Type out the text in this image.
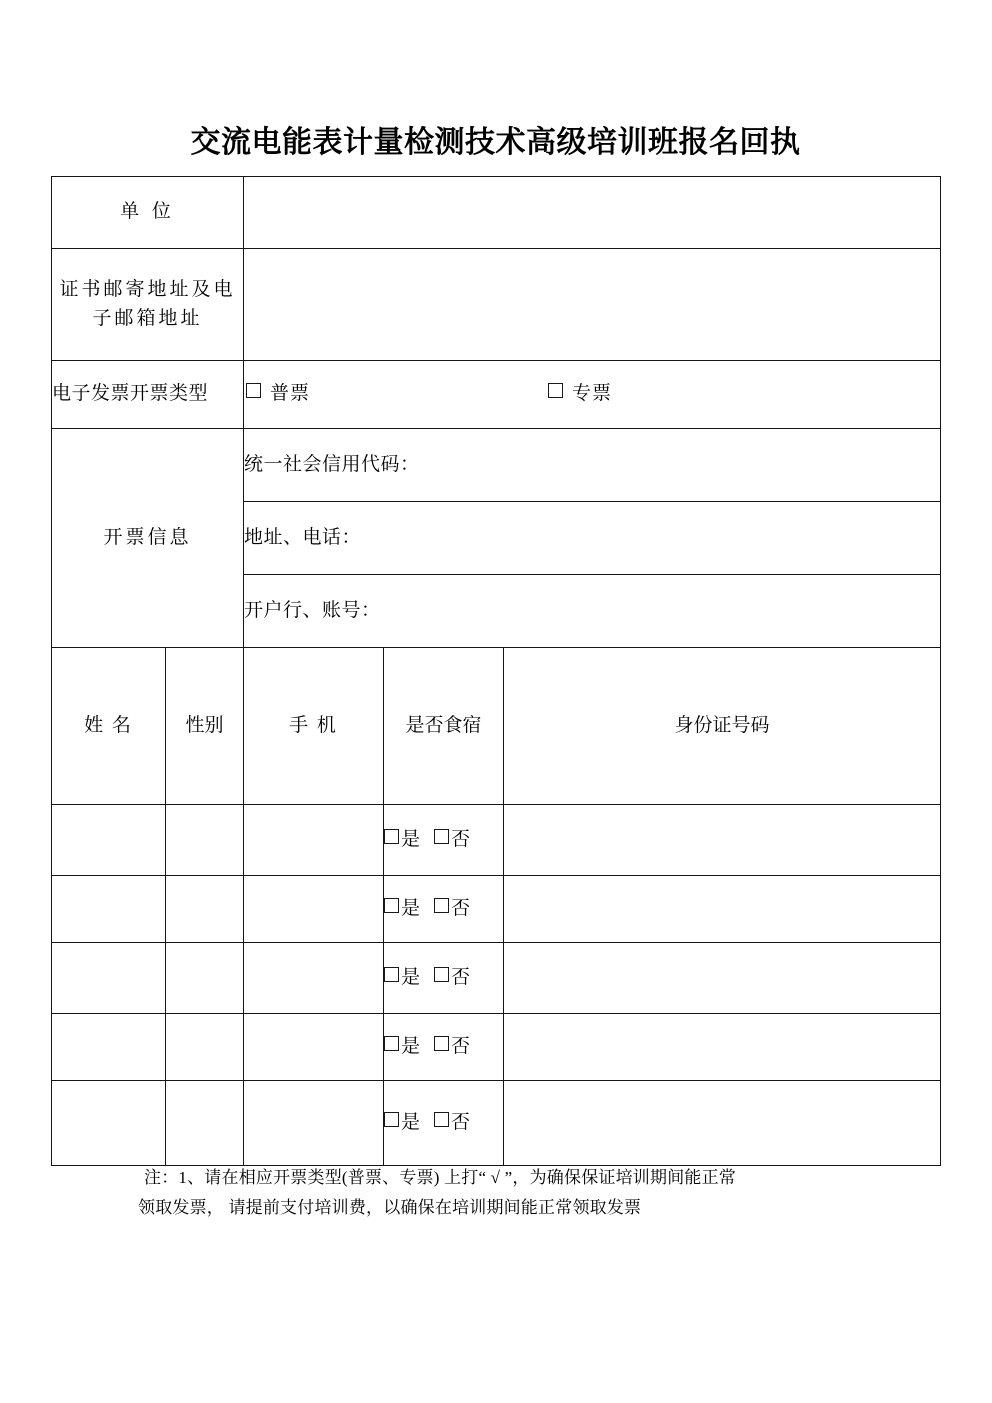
交流电能表计量检测技术高级培训班报名回执
单 位				

证书邮寄地址及电
子邮箱地址				

电子发票开票类型		普票 专票		

开票信息		统一社会信用代码：		
		地址、电话：		
		开户行、账号：		
姓 名	性别	手 机	是否食宿	身份证号码
			是 否	
			是 否	
			是 否	
			是 否	
			是 否	
注：1、请在相应开票类型(普票、专票) 上打“ √ ”，为确保保证培训期间能正常
领取发票， 请提前支付培训费，以确保在培训期间能正常领取发票
